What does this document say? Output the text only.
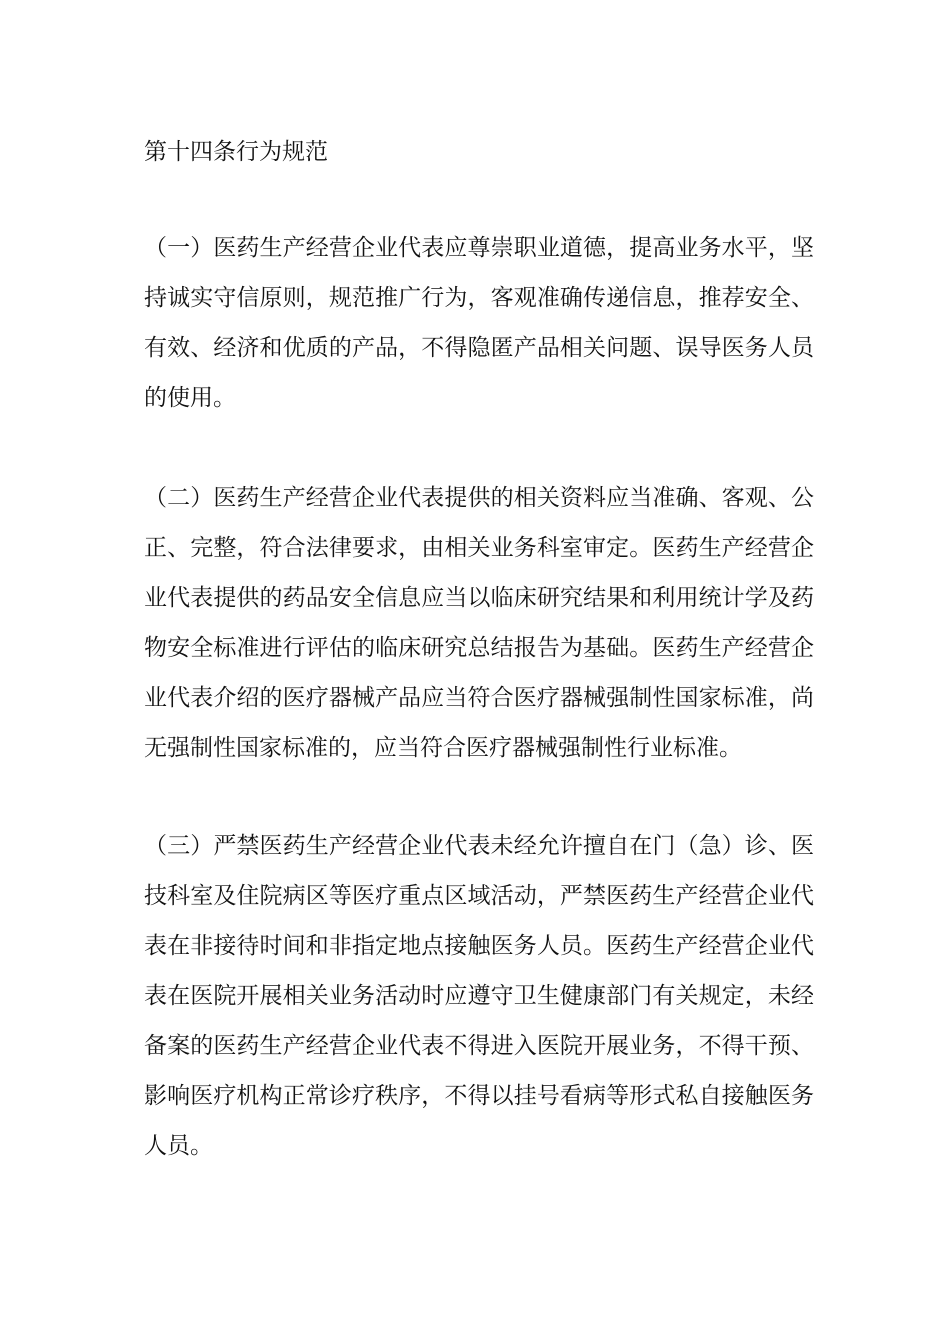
第十四条行为规范
（一）医药生产经营企业代表应尊崇职业道德，提高业务水平，坚
持诚实守信原则，规范推广行为，客观准确传递信息，推荐安全、
有效、经济和优质的产品，不得隐匿产品相关问题、误导医务人员
的使用。
（二）医药生产经营企业代表提供的相关资料应当准确、客观、公
正、完整，符合法律要求，由相关业务科室审定。医药生产经营企
业代表提供的药品安全信息应当以临床研究结果和利用统计学及药
物安全标准进行评估的临床研究总结报告为基础。医药生产经营企
业代表介绍的医疗器械产品应当符合医疗器械强制性国家标准，尚
无强制性国家标准的，应当符合医疗器械强制性行业标准。
（三）严禁医药生产经营企业代表未经允许擅自在门（急）诊、医
技科室及住院病区等医疗重点区域活动，严禁医药生产经营企业代
表在非接待时间和非指定地点接触医务人员。医药生产经营企业代
表在医院开展相关业务活动时应遵守卫生健康部门有关规定，未经
备案的医药生产经营企业代表不得进入医院开展业务，不得干预、
影响医疗机构正常诊疗秩序，不得以挂号看病等形式私自接触医务
人员。
